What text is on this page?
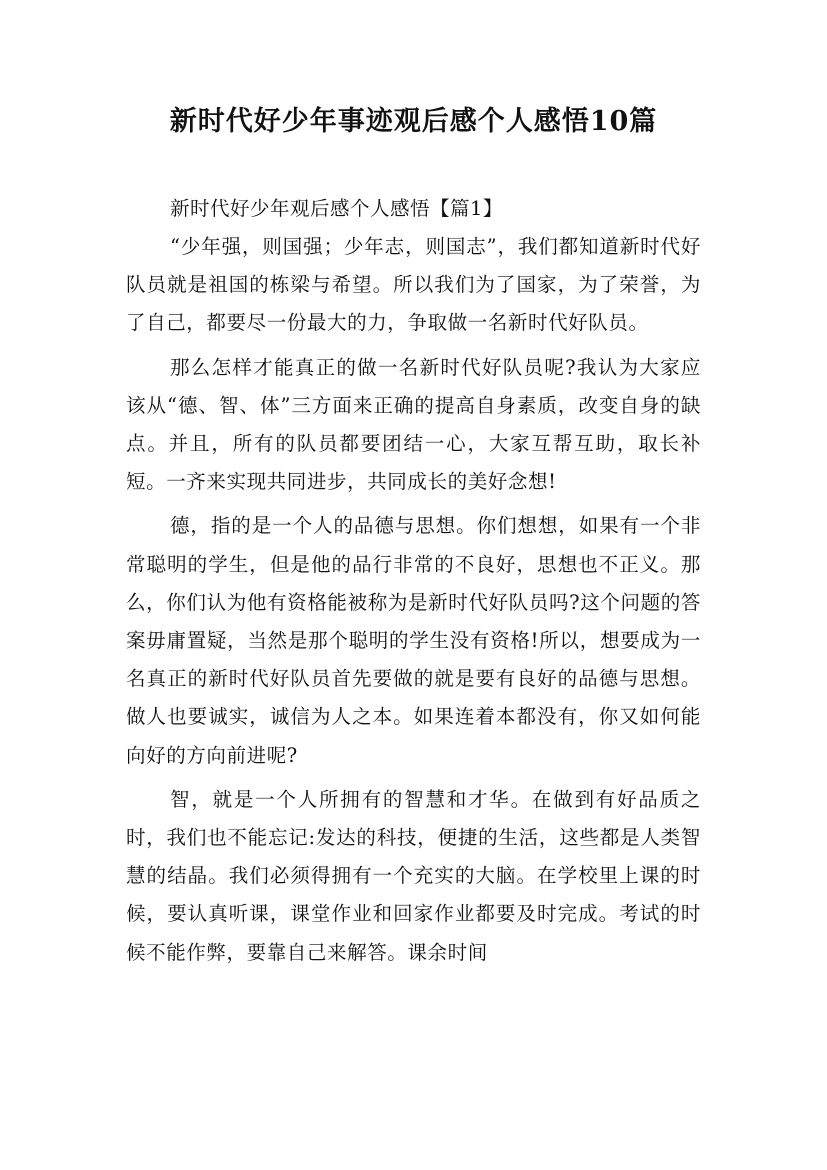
新时代好少年事迹观后感个人感悟10篇

新时代好少年观后感个人感悟【篇1】

“少年强，则国强；少年志，则国志”，我们都知道新时代好队员就是祖国的栋梁与希望。所以我们为了国家，为了荣誉，为了自己，都要尽一份最大的力，争取做一名新时代好队员。

那么怎样才能真正的做一名新时代好队员呢?我认为大家应该从“德、智、体”三方面来正确的提高自身素质，改变自身的缺点。并且，所有的队员都要团结一心，大家互帮互助，取长补短。一齐来实现共同进步，共同成长的美好念想!

德，指的是一个人的品德与思想。你们想想，如果有一个非常聪明的学生，但是他的品行非常的不良好，思想也不正义。那么，你们认为他有资格能被称为是新时代好队员吗?这个问题的答案毋庸置疑，当然是那个聪明的学生没有资格!所以，想要成为一名真正的新时代好队员首先要做的就是要有良好的品德与思想。做人也要诚实，诚信为人之本。如果连着本都没有，你又如何能向好的方向前进呢?

智，就是一个人所拥有的智慧和才华。在做到有好品质之时，我们也不能忘记:发达的科技，便捷的生活，这些都是人类智慧的结晶。我们必须得拥有一个充实的大脑。在学校里上课的时候，要认真听课，课堂作业和回家作业都要及时完成。考试的时候不能作弊，要靠自己来解答。课余时间
